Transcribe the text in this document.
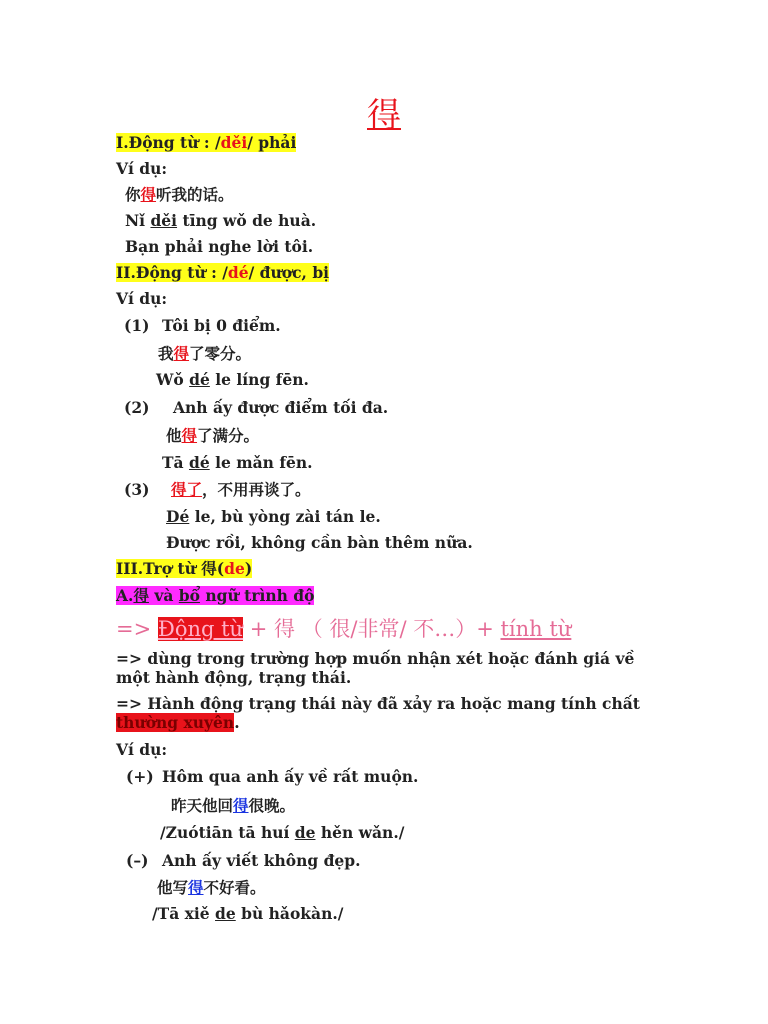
得
I.Động từ : /děi/ phải
Ví dụ:
你得听我的话。
Nǐ děi tīng wǒ de huà.
Bạn phải nghe lời tôi.
II.Động từ : /dé/ được, bị
Ví dụ:
(1) Tôi bị 0 điểm.
我得了零分。
Wǒ dé le líng fēn.
(2) Anh ấy được điểm tối đa.
他得了满分。
Tā dé le mǎn fēn.
(3) 得了，不用再谈了。
Dé le, bù yòng zài tán le.
Được rồi, không cần bàn thêm nữa.
III.Trợ từ 得(de)
A.得 và bổ ngữ trình độ
=> Động từ + 得 （ 很/非常/ 不…）+ tính từ
=> dùng trong trường hợp muốn nhận xét hoặc đánh giá về một hành động, trạng thái.
=> Hành động trạng thái này đã xảy ra hoặc mang tính chất thường xuyên.
Ví dụ:
(+) Hôm qua anh ấy về rất muộn.
昨天他回得很晚。
/Zuótiān tā huí de hěn wǎn./
(–) Anh ấy viết không đẹp.
他写得不好看。
/Tā xiě de bù hǎokàn./
